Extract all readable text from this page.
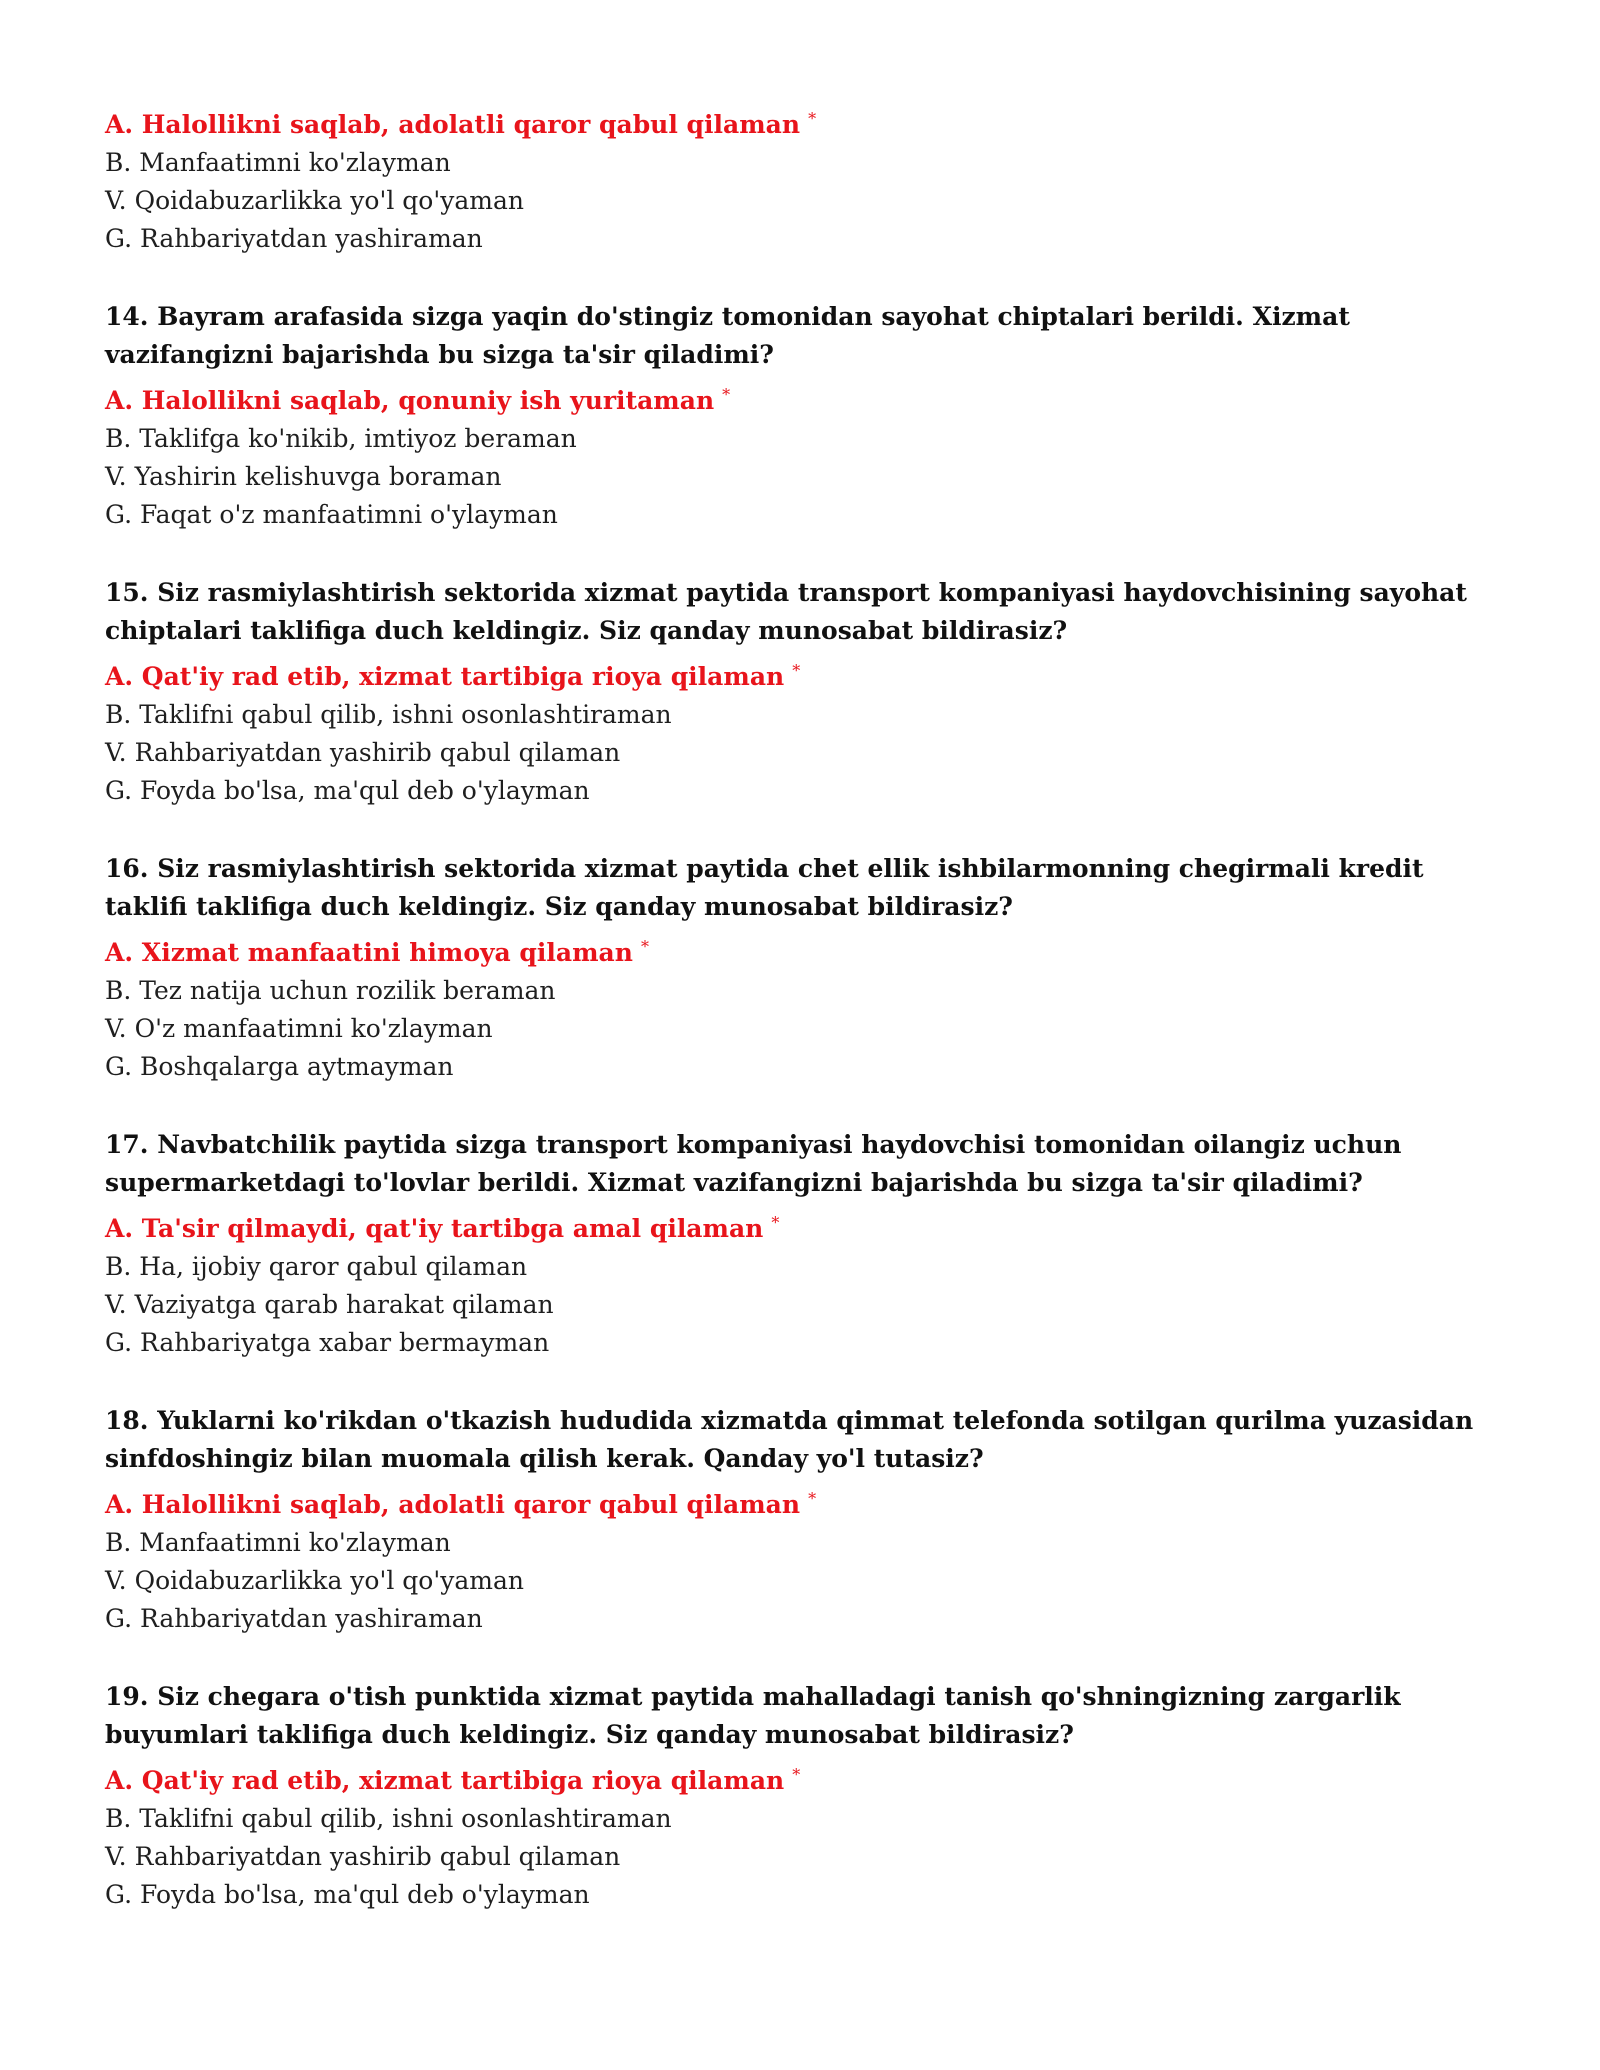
A. Halollikni saqlab, adolatli qaror qabul qilaman *
B. Manfaatimni ko'zlayman
V. Qoidabuzarlikka yo'l qo'yaman
G. Rahbariyatdan yashiraman
14. Bayram arafasida sizga yaqin do'stingiz tomonidan sayohat chiptalari berildi. Xizmat vazifangizni bajarishda bu sizga ta'sir qiladimi?
A. Halollikni saqlab, qonuniy ish yuritaman *
B. Taklifga ko'nikib, imtiyoz beraman
V. Yashirin kelishuvga boraman
G. Faqat o'z manfaatimni o'ylayman
15. Siz rasmiylashtirish sektorida xizmat paytida transport kompaniyasi haydovchisining sayohat chiptalari taklifiga duch keldingiz. Siz qanday munosabat bildirasiz?
A. Qat'iy rad etib, xizmat tartibiga rioya qilaman *
B. Taklifni qabul qilib, ishni osonlashtiraman
V. Rahbariyatdan yashirib qabul qilaman
G. Foyda bo'lsa, ma'qul deb o'ylayman
16. Siz rasmiylashtirish sektorida xizmat paytida chet ellik ishbilarmonning chegirmali kredit taklifi taklifiga duch keldingiz. Siz qanday munosabat bildirasiz?
A. Xizmat manfaatini himoya qilaman *
B. Tez natija uchun rozilik beraman
V. O'z manfaatimni ko'zlayman
G. Boshqalarga aytmayman
17. Navbatchilik paytida sizga transport kompaniyasi haydovchisi tomonidan oilangiz uchun supermarketdagi to'lovlar berildi. Xizmat vazifangizni bajarishda bu sizga ta'sir qiladimi?
A. Ta'sir qilmaydi, qat'iy tartibga amal qilaman *
B. Ha, ijobiy qaror qabul qilaman
V. Vaziyatga qarab harakat qilaman
G. Rahbariyatga xabar bermayman
18. Yuklarni ko'rikdan o'tkazish hududida xizmatda qimmat telefonda sotilgan qurilma yuzasidan sinfdoshingiz bilan muomala qilish kerak. Qanday yo'l tutasiz?
A. Halollikni saqlab, adolatli qaror qabul qilaman *
B. Manfaatimni ko'zlayman
V. Qoidabuzarlikka yo'l qo'yaman
G. Rahbariyatdan yashiraman
19. Siz chegara o'tish punktida xizmat paytida mahalladagi tanish qo'shningizning zargarlik buyumlari taklifiga duch keldingiz. Siz qanday munosabat bildirasiz?
A. Qat'iy rad etib, xizmat tartibiga rioya qilaman *
B. Taklifni qabul qilib, ishni osonlashtiraman
V. Rahbariyatdan yashirib qabul qilaman
G. Foyda bo'lsa, ma'qul deb o'ylayman
